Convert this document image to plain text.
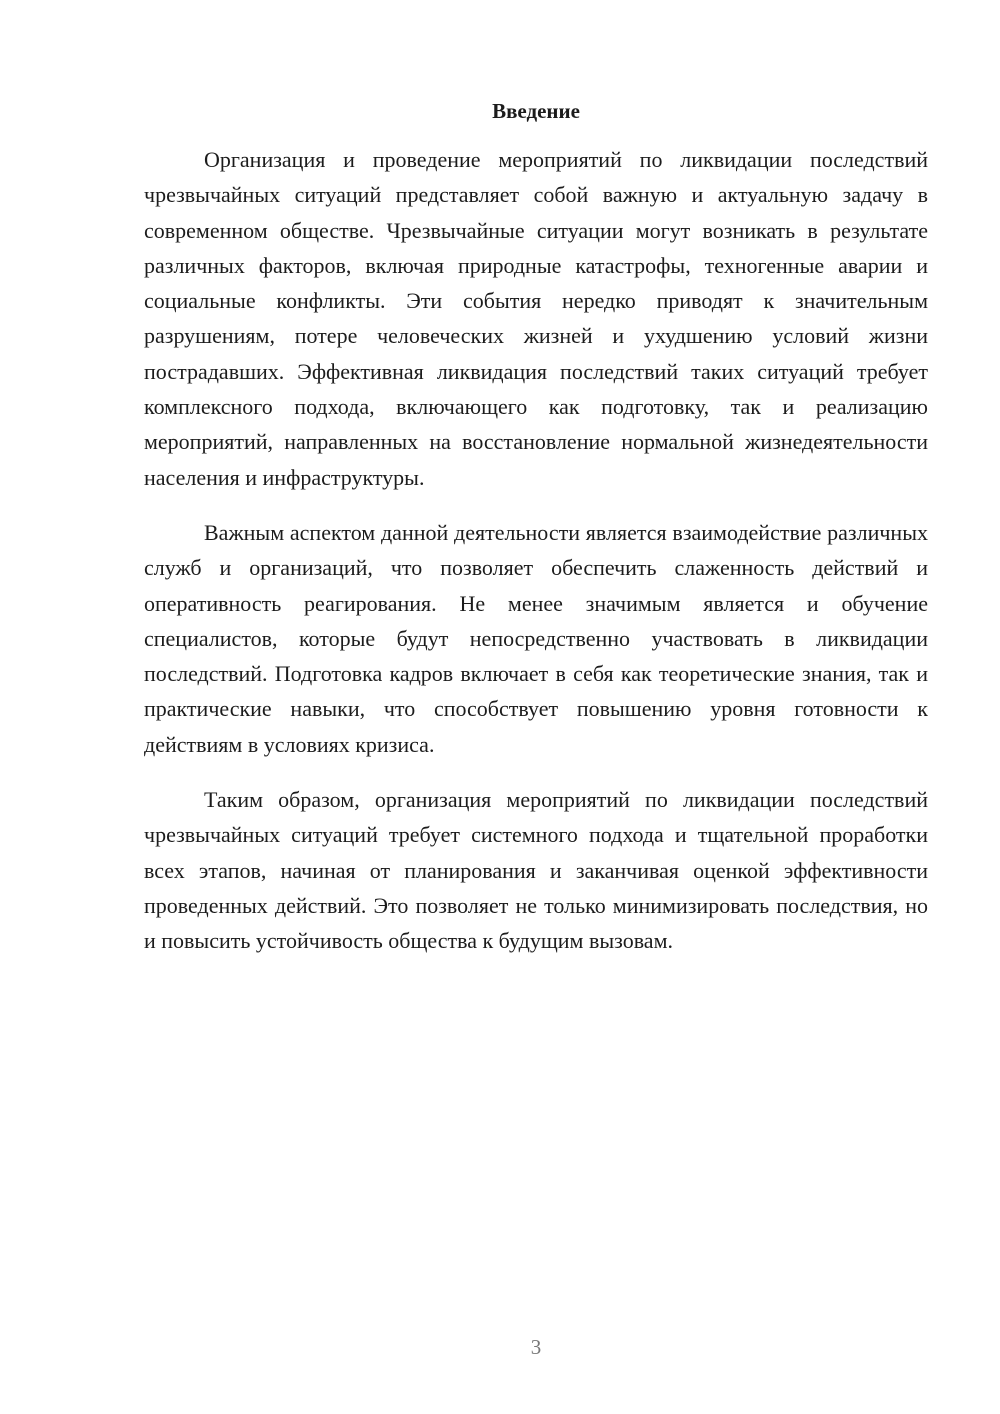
Введение

Организация и проведение мероприятий по ликвидации последствий чрезвычайных ситуаций представляет собой важную и актуальную задачу в современном обществе. Чрезвычайные ситуации могут возникать в результате различных факторов, включая природные катастрофы, техногенные аварии и социальные конфликты. Эти события нередко приводят к значительным разрушениям, потере человеческих жизней и ухудшению условий жизни пострадавших. Эффективная ликвидация последствий таких ситуаций требует комплексного подхода, включающего как подготовку, так и реализацию мероприятий, направленных на восстановление нормальной жизнедеятельности населения и инфраструктуры.

Важным аспектом данной деятельности является взаимодействие различных служб и организаций, что позволяет обеспечить слаженность действий и оперативность реагирования. Не менее значимым является и обучение специалистов, которые будут непосредственно участвовать в ликвидации последствий. Подготовка кадров включает в себя как теоретические знания, так и практические навыки, что способствует повышению уровня готовности к действиям в условиях кризиса.

Таким образом, организация мероприятий по ликвидации последствий чрезвычайных ситуаций требует системного подхода и тщательной проработки всех этапов, начиная от планирования и заканчивая оценкой эффективности проведенных действий. Это позволяет не только минимизировать последствия, но и повысить устойчивость общества к будущим вызовам.

3
